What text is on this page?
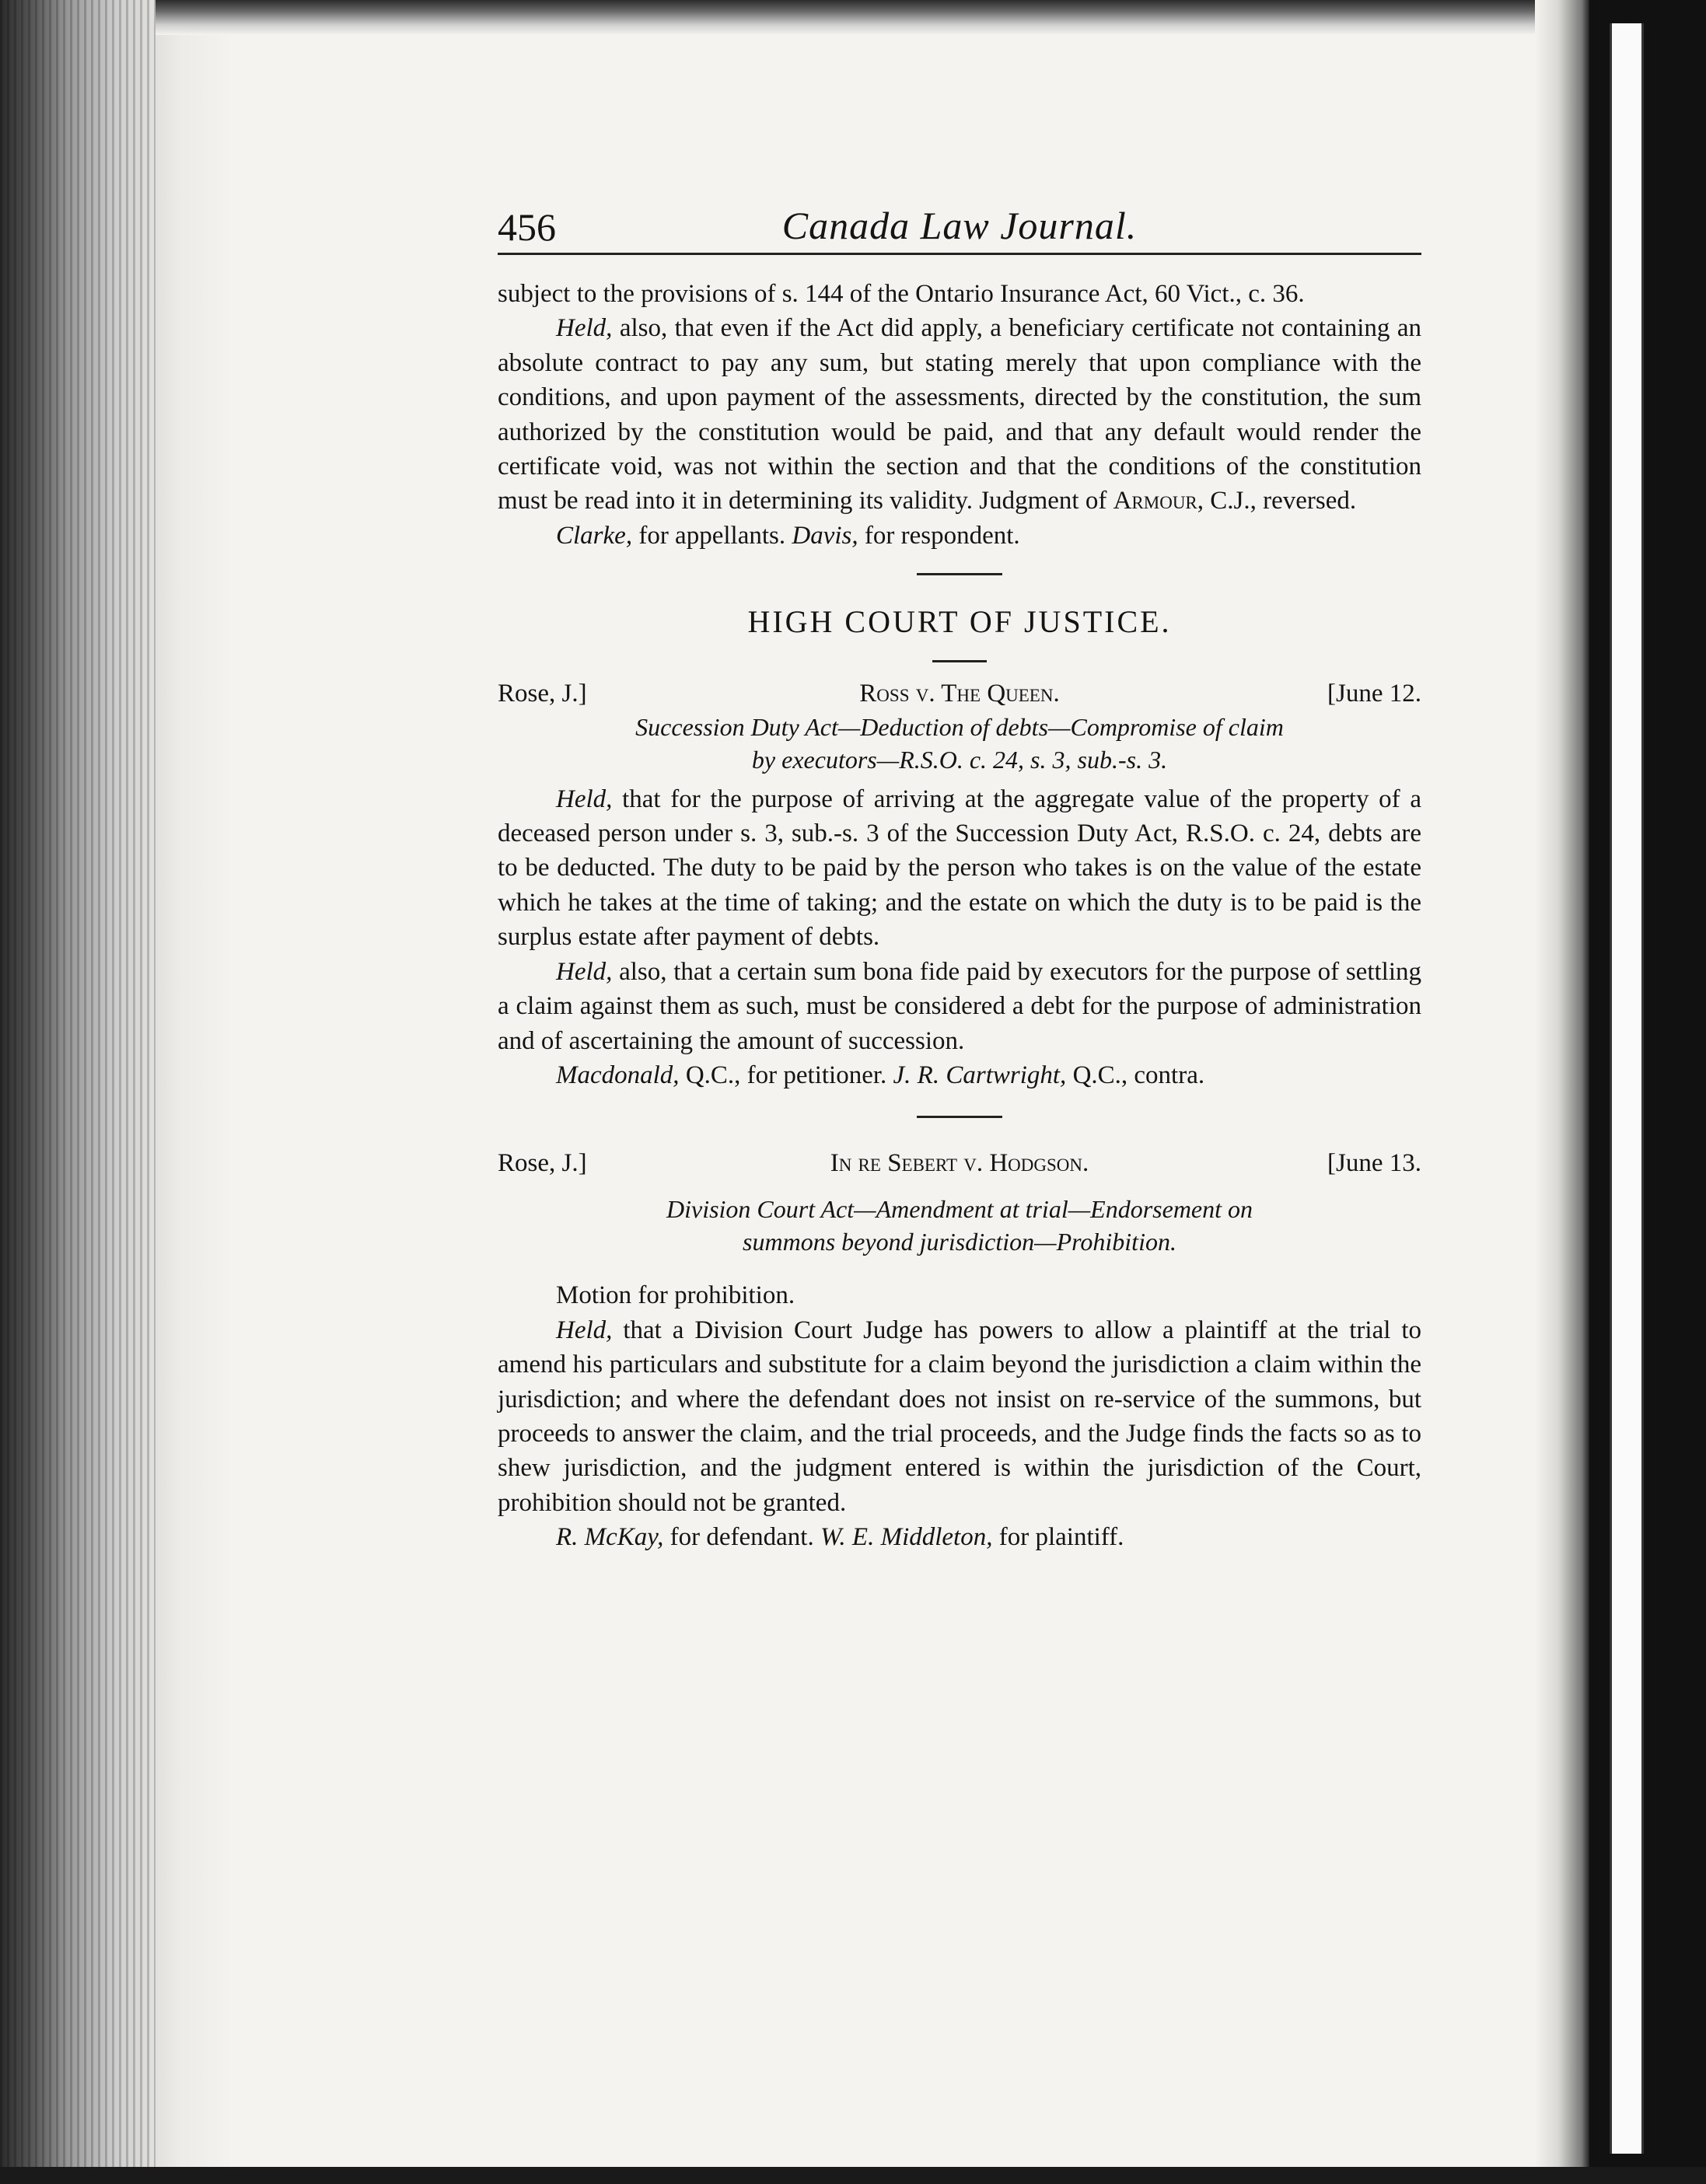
456	Canada Law Journal.

subject to the provisions of s. 144 of the Ontario Insurance Act, 60 Vict., c. 36.

Held, also, that even if the Act did apply, a beneficiary certificate not containing an absolute contract to pay any sum, but stating merely that upon compliance with the conditions, and upon payment of the assessments, directed by the constitution, the sum authorized by the constitution would be paid, and that any default would render the certificate void, was not within the section and that the conditions of the constitution must be read into it in determining its validity. Judgment of Armour, C.J., reversed.

Clarke, for appellants. Davis, for respondent.

HIGH COURT OF JUSTICE.
Rose, J.]	Ross v. The Queen.	[June 12.
Succession Duty Act—Deduction of debts—Compromise of claim
by executors—R.S.O. c. 24, s. 3, sub.-s. 3.

Held, that for the purpose of arriving at the aggregate value of the property of a deceased person under s. 3, sub.-s. 3 of the Succession Duty Act, R.S.O. c. 24, debts are to be deducted. The duty to be paid by the person who takes is on the value of the estate which he takes at the time of taking; and the estate on which the duty is to be paid is the surplus estate after payment of debts.

Held, also, that a certain sum bona fide paid by executors for the purpose of settling a claim against them as such, must be considered a debt for the purpose of administration and of ascertaining the amount of succession.

Macdonald, Q.C., for petitioner. J. R. Cartwright, Q.C., contra.

Rose, J.]	In re Sebert v. Hodgson.	[June 13.
Division Court Act—Amendment at trial—Endorsement on
summons beyond jurisdiction—Prohibition.

Motion for prohibition.

Held, that a Division Court Judge has powers to allow a plaintiff at the trial to amend his particulars and substitute for a claim beyond the jurisdiction a claim within the jurisdiction; and where the defendant does not insist on re-service of the summons, but proceeds to answer the claim, and the trial proceeds, and the Judge finds the facts so as to shew jurisdiction, and the judgment entered is within the jurisdiction of the Court, prohibition should not be granted.

R. McKay, for defendant. W. E. Middleton, for plaintiff.
